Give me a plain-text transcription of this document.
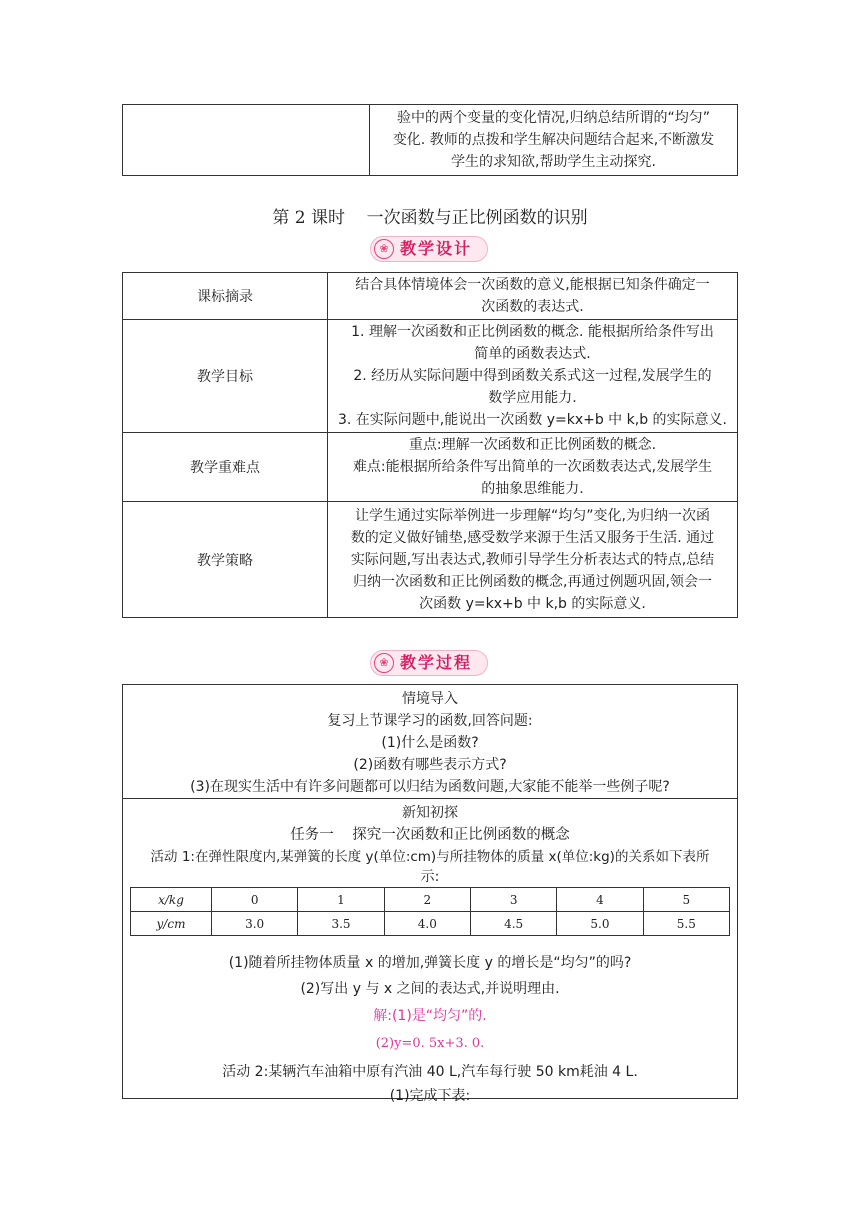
验中的两个变量的变化情况,归纳总结所谓的“均匀”
变化. 教师的点拨和学生解决问题结合起来,不断激发
学生的求知欲,帮助学生主动探究.
第 2 课时    一次函数与正比例函数的识别
❀ 教学设计
课标摘录	结合具体情境体会一次函数的意义,能根据已知条件确定一
次函数的表达式.

教学目标	1. 理解一次函数和正比例函数的概念. 能根据所给条件写出
简单的函数表达式.
2. 经历从实际问题中得到函数关系式这一过程,发展学生的
数学应用能力.
3. 在实际问题中,能说出一次函数 y=kx+b 中 k,b 的实际意义.

教学重难点	重点:理解一次函数和正比例函数的概念.
难点:能根据所给条件写出简单的一次函数表达式,发展学生
的抽象思维能力.

教学策略	让学生通过实际举例进一步理解“均匀”变化,为归纳一次函
数的定义做好铺垫,感受数学来源于生活又服务于生活. 通过
实际问题,写出表达式,教师引导学生分析表达式的特点,总结
归纳一次函数和正比例函数的概念,再通过例题巩固,领会一
次函数 y=kx+b 中 k,b 的实际意义.
❀ 教学过程
情境导入
复习上节课学习的函数,回答问题:
(1)什么是函数?
(2)函数有哪些表示方式?
(3)在现实生活中有许多问题都可以归结为函数问题,大家能不能举一些例子呢?
新知初探
任务一    探究一次函数和正比例函数的概念
活动 1:在弹性限度内,某弹簧的长度 y(单位:cm)与所挂物体的质量 x(单位:kg)的关系如下表所
示:
x/kg	0	1	2	3	4	5
y/cm	3.0	3.5	4.0	4.5	5.0	5.5
(1)随着所挂物体质量 x 的增加,弹簧长度 y 的增长是“均匀”的吗?
(2)写出 y 与 x 之间的表达式,并说明理由.
解:(1)是“均匀”的.
(2)y=0. 5x+3. 0.
活动 2:某辆汽车油箱中原有汽油 40 L,汽车每行驶 50 km耗油 4 L.
(1)完成下表:
